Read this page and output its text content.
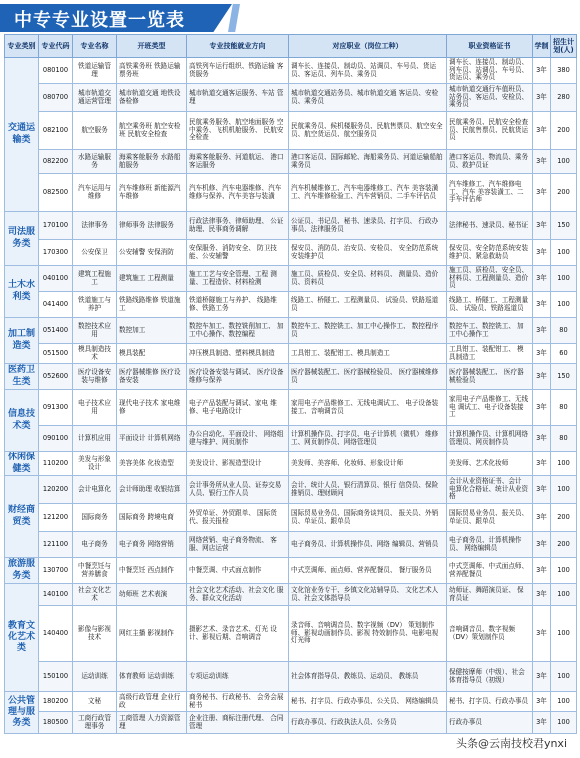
中专专业设置一览表
专业类别	专业代码	专业名称	开班类型	专业技能就业方向	对应职业（岗位工种）	职业资格证书	学制	招生计划(人)
交通运输类	080100	铁道运输管理	高铁乘务班 铁路运输 票务班	高铁列车运行组织、铁路运输 客货服务	调车长、连接员、制动员、站调员、车号员、货运员、客运员、列车员、乘务员	调车长、连接员、制动员、列车员、站调员、车号员、货运员、乘务员	3年	380
	080700	城市轨道交通运营管理	城市轨道交通 地铁设备检修	城市轨道交通客运服务、车站 管理	城市轨道交通站务员、城市轨道交通 客运员、安检员、乘务员	城市轨道交通行车值班员、站务员、客运员、安检员、乘务员	3年	280
	082100	航空服务	航空乘务班 航空安检班 民航安全检查	民航乘务服务、航空地面服务 空中乘务、飞机机舱服务、 民航安全检查	民航乘务员、候机楼服务员、民航售票员、航空安全员、航空货运员、航空服务员	民航乘务员、民航安全检查员、民航售票员、民航货运员	3年	200
	082200	水路运输服务	海乘客舱服务 水路船舶服务	海乘客舱服务、河道航运、 港口客运服务	港口客运员、国际邮轮、海船乘务员、河道运输船舶乘务员	港口客运员、物流员、乘务员、救护员证	3年	100
	082500	汽车运用与维修	汽车维修班 新能源汽车维修	汽车机修、汽车电器维修、汽车 维修与保养、汽车美容与装潢	汽车机械维修工、汽车电器维修工、汽车 美容装潢工、汽车维修检验工、汽车营销员、二手车评估员	汽车维修工、汽车维修电工、汽车 美容装潢工、二手车评估师	3年	200
司法服务类	170100	法律事务	律师事务 法律服务	行政法律事务、律师助理、 公证助理、民事商务调解	公证员、书记员、秘书、速录员、打字员、 行政办事员、法律服务员	法律秘书、速录员、秘书证	3年	150
	170300	公安保卫	公安辅警 安保消防	安保服务、消防安全、 防卫技能、公安辅警	保安员、消防员、治安员、安检员、 安全防范系统安装维护员	保安员、安全防范系统安装 维护员、紧急救助员	3年	100
土木水利类	040100	建筑工程施工	建筑施工 工程测量	施工工艺与安全管理、工程 测量、工程造价、材料检测	施工员、质检员、安全员、材料员、 测量员、造价员、资料员	施工员、质检员、安全员、 材料员、工程测量员、造价员	3年	100
	041400	铁道施工与养护	铁路线路维修 铁道施工	铁道桥隧施工与养护、 线路维修、铁路工务	线路工、桥隧工、工程测量员、 试验员、铁路巡道员	线路工、桥隧工、工程测量员、 试验员、铁路巡道员	3年	100
加工制造类	051400	数控技术应用	数控加工	数控车加工、数控铣削加工、 加工中心操作、数控编程	数控车工、数控铣工、加工中心操作工、 数控程序员	数控车工、数控铣工、 加工中心操作工	3年	80
	051500	模具制造技术	模具装配	冲压模具制造、塑料模具制造	工具钳工、装配钳工、模具制造工	工具钳工、装配钳工、 模具制造工	3年	60
医药卫生类	052600	医疗设备安装与维修	医疗器械维修 医疗设备安装	医疗设备安装与调试、 医疗设备维修与保养	医疗器械装配工、医疗器械检验员、 医疗器械维修员	医疗器械装配工、 医疗器械检验员	3年	150
信息技术类	091300	电子技术应用	现代电子技术 家电维修	电子产品装配与调试、家电 维修、电子电路设计	家用电子产品维修工、无线电调试工、 电子设备装接工、音响调音员	家用电子产品维修工、无线电 调试工、电子设备装接工	3年	80
	090100	计算机应用	平面设计 计算机网络	办公自动化、平面设计、 网络组建与维护、网页制作	计算机操作员、打字员、电子计算机（微机） 维修工、网页制作员、网络管理员	计算机操作员、计算机网络 管理员、网页制作员	3年	80
休闲保健类	110200	美发与形象设计	美容美体 化妆造型	美发设计、影视造型设计	美发师、美容师、化妆师、形象设计师	美发师、艺术化妆师	3年	100
财经商贸类	120200	会计电算化	会计师助理 收银结算	会计事务所从业人员、证券交易 人员、银行工作人员	会计、统计人员、银行清算员、银行 信贷员、保险推销员、理财顾问	会计从业资格证书、会计 电算化合格证、统计从业资格	3年	100
	121200	国际商务	国际商务 跨境电商	外贸单证、外贸跟单、 国际货代、报关报检	国际贸易业务员、国际商务谈判员、 报关员、外销员、单证员、跟单员	国际贸易业务员、报关员、 单证员、跟单员	3年	200
	121100	电子商务	电子商务 网络营销	网络营销、电子商务物流、 客服、网店运营	电子商务员、计算机操作员、网络 编辑员、营销员	电子商务员、计算机操作员、 网络编辑员	3年	200
旅游服务类	130700	中餐烹饪与营养膳食	中餐烹饪 西点制作	中餐烹调、中式面点制作	中式烹调师、面点师、营养配餐员、 餐厅服务员	中式烹调师、中式面点师、 营养配餐员	3年	100
教育文化艺术类	140100	社会文化艺术	幼师班 艺术表演	社会文化艺术活动、社会文化 服务、群众文化活动	文化馆业务专干、乡镇文化站辅导员、 文化艺术人员、社会文体指导员	幼师证、舞蹈演员证、 保育员证	3年	100
	140400	影像与影视技术	网红主播 影视制作	摄影艺术、录音艺术、灯光 设计、影视后期、音响调音	录音师、音响调音员、数字视频（DV） 策划制作师、影视动画制作员、影视 特效制作员、电影电视灯光师	音响调音员、数字视频 （DV）策划制作员	3年	100
	150100	运动训练	体育教师 运动训练	专项运动训练	社会体育指导员、教练员、运动员、 教练员	保健按摩师（中级）、社会 体育指导员（初级）	3年	100
公共管理与服务类	180200	文秘	高级行政管理 企业行政	商务秘书、行政秘书、 会务会展秘书	秘书、打字员、行政办事员、公关员、 网络编辑员	秘书、打字员、行政办事员	3年	100
	180500	工商行政管理事务	工商管理 人力资源管理	企业注册、商标注册代理、 合同管理	行政办事员、行政执法人员、公务员	行政办事员	3年	100
头条@云南技校君ynxi
